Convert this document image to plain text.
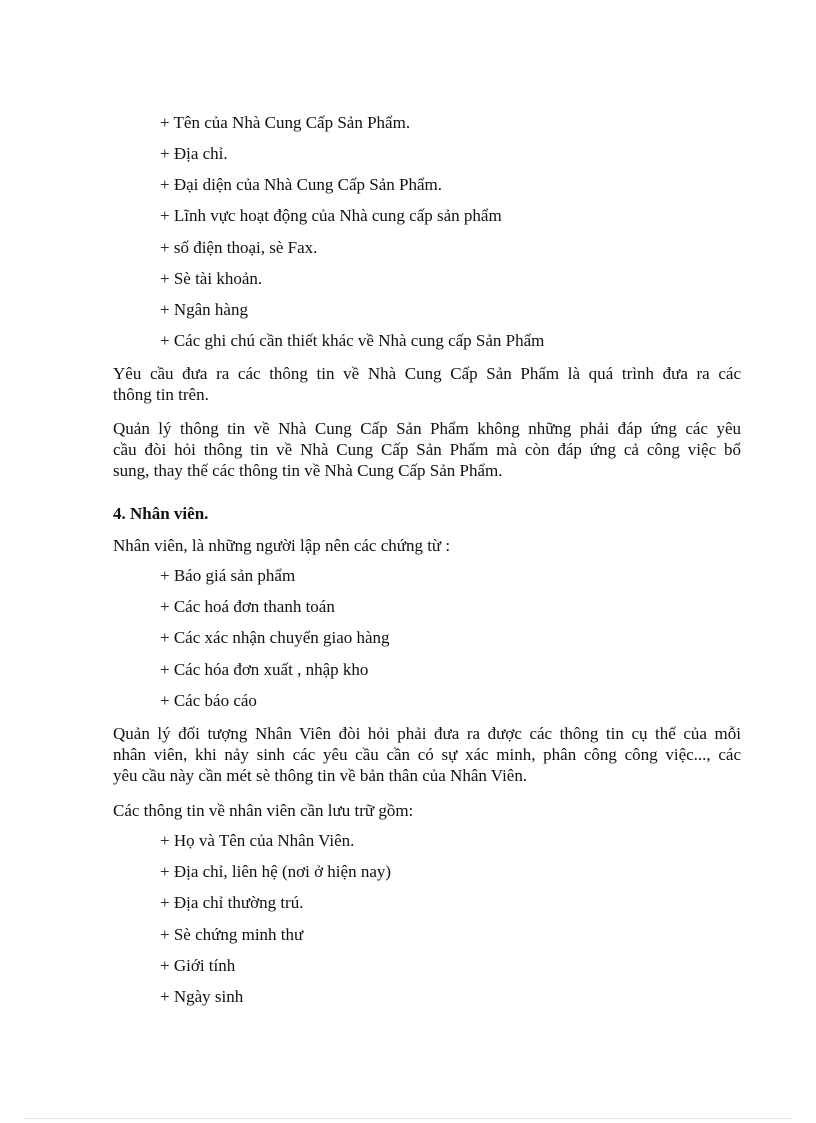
+ Tên của Nhà Cung Cấp Sản Phẩm.
+ Địa chỉ.
+ Đại diện của Nhà Cung Cấp Sản Phẩm.
+ Lĩnh vực hoạt động của Nhà cung cấp sản phẩm
+ số điện thoại, sè Fax.
+ Sè tài khoản.
+ Ngân hàng
+ Các ghi chú cần thiết khác về Nhà cung cấp Sản Phẩm
Yêu cầu đưa ra các thông tin về Nhà Cung Cấp Sản Phẩm là quá trình đưa ra các
thông tin trên.
Quản lý thông tin về Nhà Cung Cấp Sản Phẩm không những phải đáp ứng các yêu
cầu đòi hỏi thông tin về Nhà Cung Cấp Sản Phẩm mà còn đáp ứng cả công việc bổ
sung, thay thế các thông tin về Nhà Cung Cấp Sản Phẩm.
4. Nhân viên.
Nhân viên, là những người lập nên các chứng từ :
+ Báo giá sản phẩm
+ Các hoá đơn thanh toán
+ Các xác nhận chuyển giao hàng
+ Các hóa đơn xuất , nhập kho
+ Các báo cáo
Quản lý đối tượng Nhân Viên đòi hỏi phải đưa ra được các thông tin cụ thể của mỗi
nhân viên, khi nảy sinh các yêu cầu cần có sự xác minh, phân công công việc..., các
yêu cầu này cần mét sè thông tin về bản thân của Nhân Viên.
Các thông tin về nhân viên cần lưu trữ gồm:
+ Họ và Tên của Nhân Viên.
+ Địa chỉ, liên hệ (nơi ở hiện nay)
+ Địa chỉ thường trú.
+ Sè chứng minh thư
+ Giới tính
+ Ngày sinh
